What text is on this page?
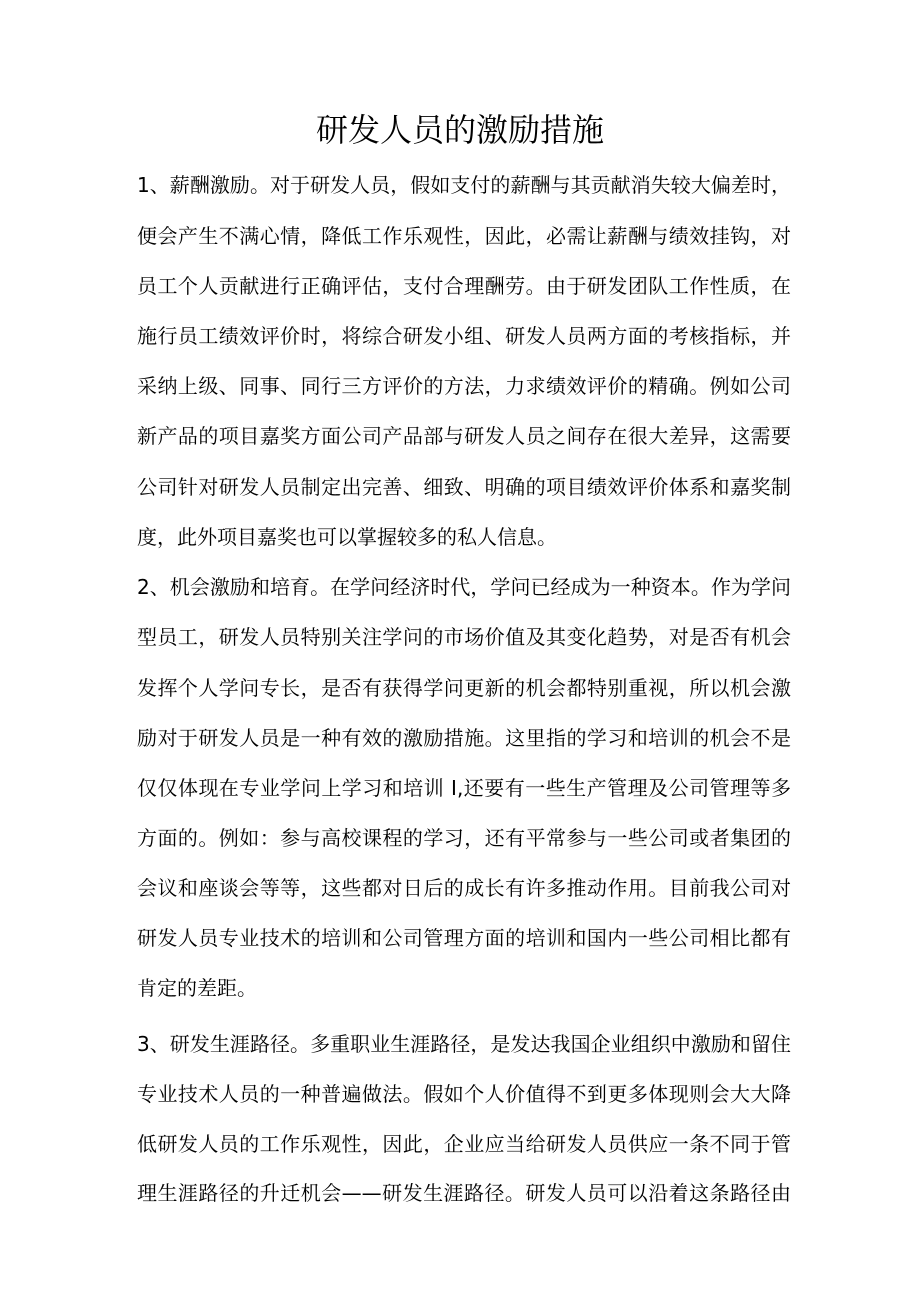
研发人员的激励措施
1、薪酬激励。对于研发人员，假如支付的薪酬与其贡献消失较大偏差时，
便会产生不满心情，降低工作乐观性，因此，必需让薪酬与绩效挂钩，对
员工个人贡献进行正确评估，支付合理酬劳。由于研发团队工作性质，在
施行员工绩效评价时，将综合研发小组、研发人员两方面的考核指标，并
采纳上级、同事、同行三方评价的方法，力求绩效评价的精确。例如公司
新产品的项目嘉奖方面公司产品部与研发人员之间存在很大差异，这需要
公司针对研发人员制定出完善、细致、明确的项目绩效评价体系和嘉奖制
度，此外项目嘉奖也可以掌握较多的私人信息。
2、机会激励和培育。在学问经济时代，学问已经成为一种资本。作为学问
型员工，研发人员特别关注学问的市场价值及其变化趋势，对是否有机会
发挥个人学问专长，是否有获得学问更新的机会都特别重视，所以机会激
励对于研发人员是一种有效的激励措施。这里指的学习和培训的机会不是
仅仅体现在专业学问上学习和培训 I,还要有一些生产管理及公司管理等多
方面的。例如：参与高校课程的学习，还有平常参与一些公司或者集团的
会议和座谈会等等，这些都对日后的成长有许多推动作用。目前我公司对
研发人员专业技术的培训和公司管理方面的培训和国内一些公司相比都有
肯定的差距。
3、研发生涯路径。多重职业生涯路径，是发达我国企业组织中激励和留住
专业技术人员的一种普遍做法。假如个人价值得不到更多体现则会大大降
低研发人员的工作乐观性，因此，企业应当给研发人员供应一条不同于管
理生涯路径的升迁机会——研发生涯路径。研发人员可以沿着这条路径由
